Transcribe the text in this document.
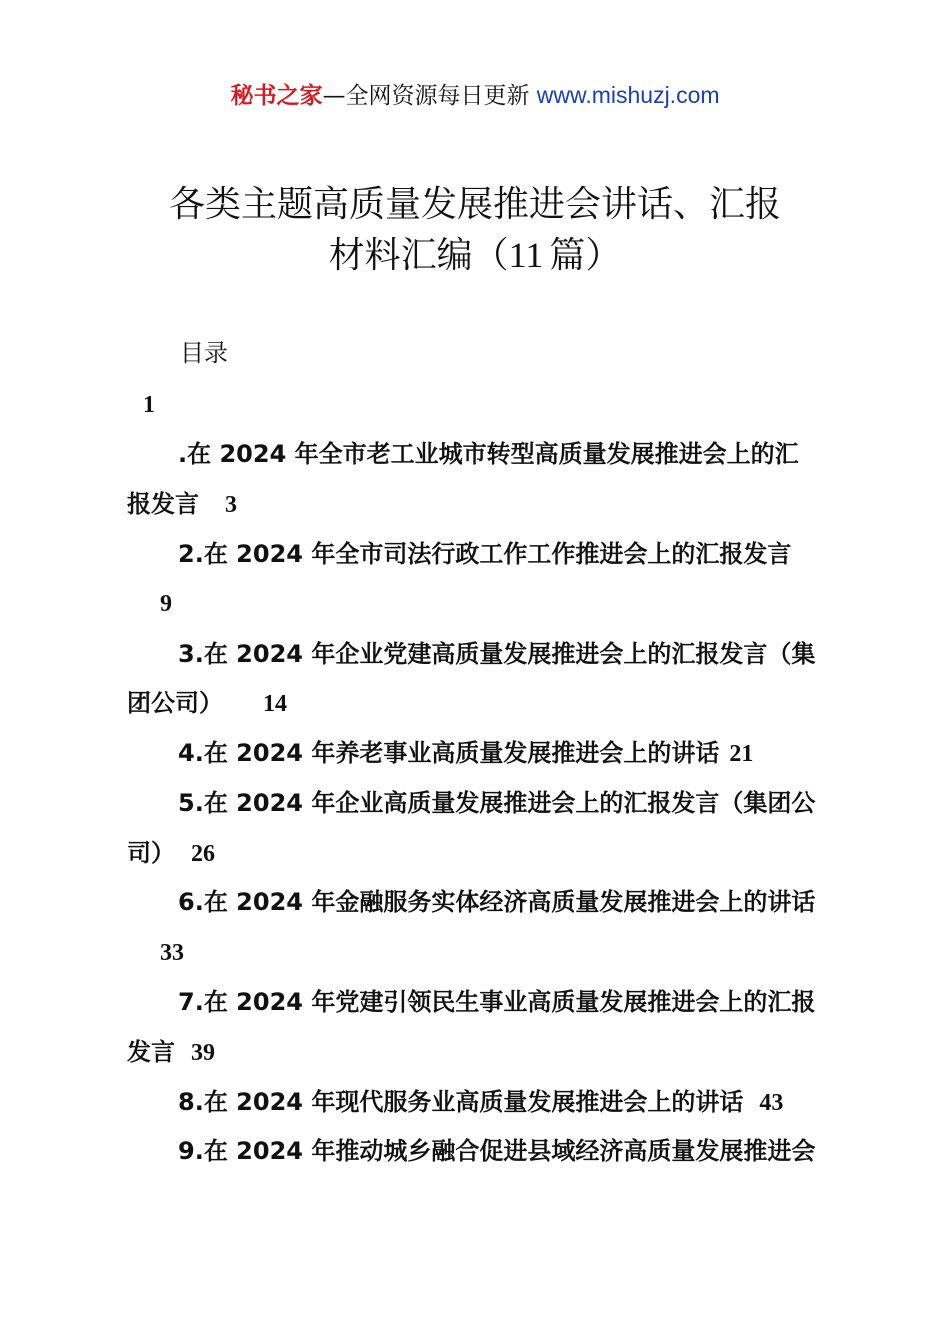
秘书之家—全网资源每日更新 www.mishuzj.com
各类主题高质量发展推进会讲话、汇报
材料汇编（11 篇）
目录
1
.在 2024 年全市老工业城市转型高质量发展推进会上的汇
报发言 3
2.在 2024 年全市司法行政工作工作推进会上的汇报发言
9
3.在 2024 年企业党建高质量发展推进会上的汇报发言（集
团公司） 14
4.在 2024 年养老事业高质量发展推进会上的讲话 21
5.在 2024 年企业高质量发展推进会上的汇报发言（集团公
司） 26
6.在 2024 年金融服务实体经济高质量发展推进会上的讲话
33
7.在 2024 年党建引领民生事业高质量发展推进会上的汇报
发言 39
8.在 2024 年现代服务业高质量发展推进会上的讲话 43
9.在 2024 年推动城乡融合促进县域经济高质量发展推进会
